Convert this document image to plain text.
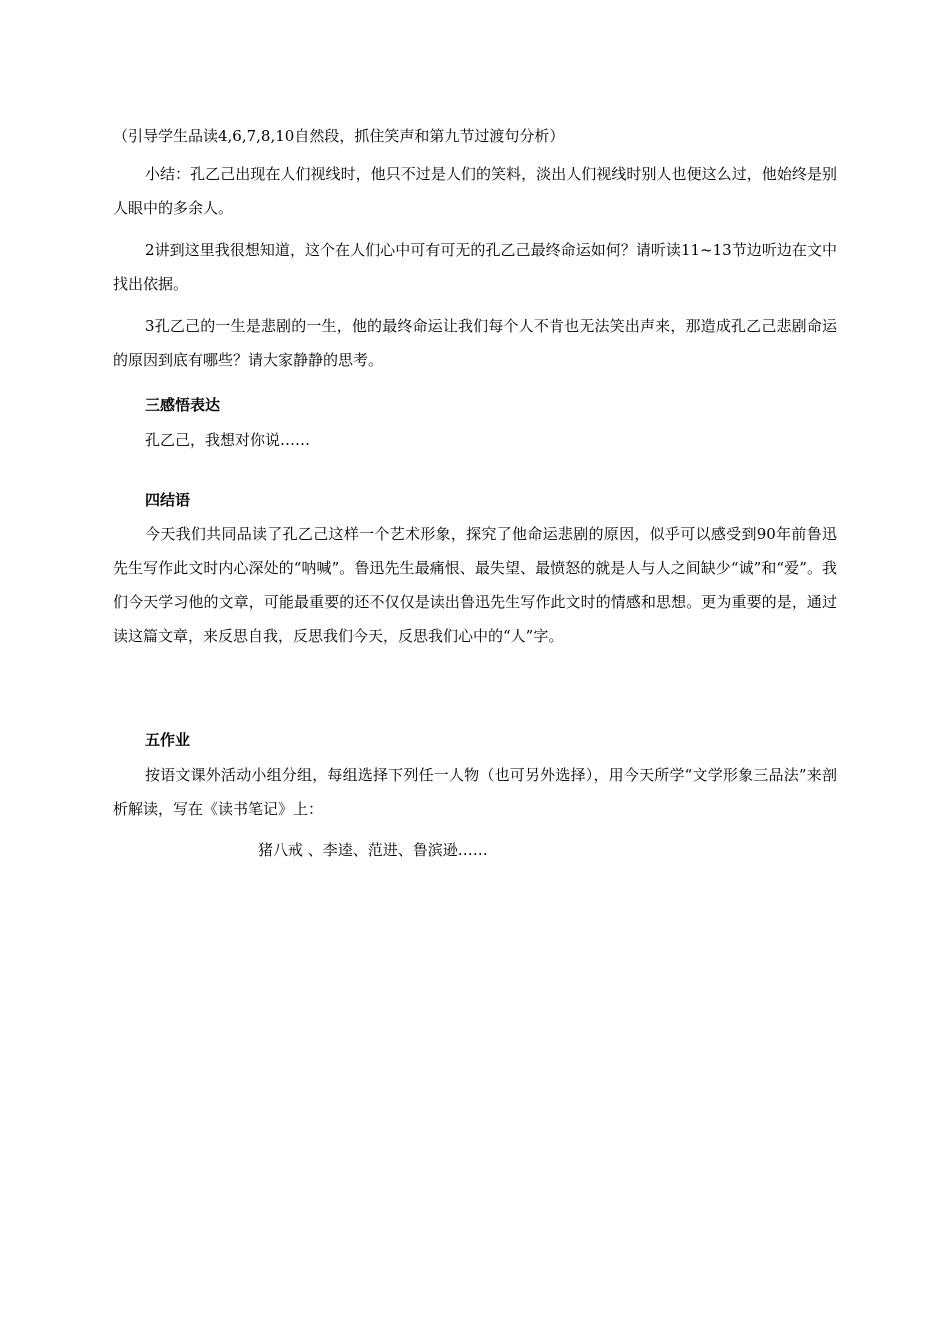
（引导学生品读4,6,7,8,10自然段，抓住笑声和第九节过渡句分析）

小结：孔乙己出现在人们视线时，他只不过是人们的笑料，淡出人们视线时别人也便这么过，他始终是别人眼中的多余人。

2讲到这里我很想知道，这个在人们心中可有可无的孔乙己最终命运如何？请听读11~13节边听边在文中找出依据。

3孔乙己的一生是悲剧的一生，他的最终命运让我们每个人不肯也无法笑出声来，那造成孔乙己悲剧命运的原因到底有哪些？请大家静静的思考。

三感悟表达

孔乙己，我想对你说……

四结语

今天我们共同品读了孔乙己这样一个艺术形象，探究了他命运悲剧的原因，似乎可以感受到90年前鲁迅先生写作此文时内心深处的“呐喊”。鲁迅先生最痛恨、最失望、最愤怒的就是人与人之间缺少“诚”和“爱”。我们今天学习他的文章，可能最重要的还不仅仅是读出鲁迅先生写作此文时的情感和思想。更为重要的是，通过读这篇文章，来反思自我，反思我们今天，反思我们心中的“人”字。

五作业

按语文课外活动小组分组，每组选择下列任一人物（也可另外选择），用今天所学“文学形象三品法”来剖析解读，写在《读书笔记》上：

猪八戒 、李逵、范进、鲁滨逊……
